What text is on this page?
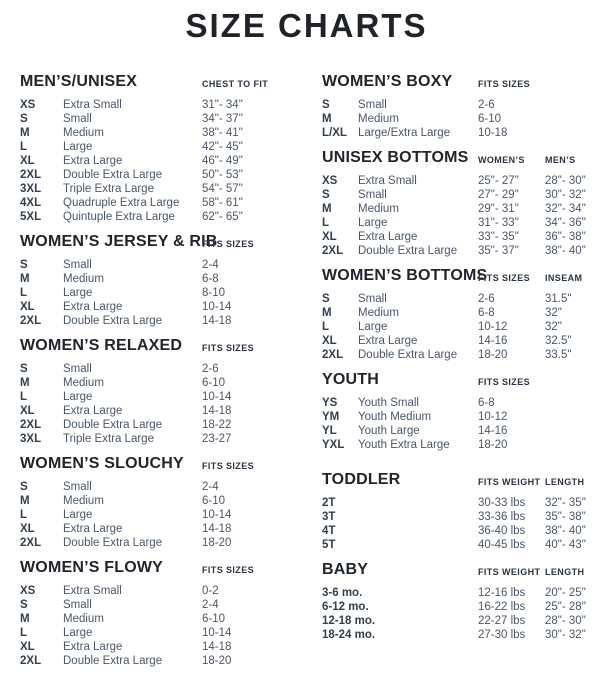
SIZE CHARTS
MEN’S/UNISEX	CHEST TO FIT
XS Extra Small	31"- 34"
S	Small	34"- 37"
M	Medium	38"- 41"
L	Large	42"- 45"
XL Extra Large	46"- 49"
2XL Double Extra Large	50"- 53"
3XL Triple Extra Large	54"- 57"
4XL Quadruple Extra Large 58"- 61"
5XL Quintuple Extra Large 62"- 65"
WOMEN’S JERSEY & RIB
FITS SIZES
S	Small	2-4
M	Medium	6-8
L	Large	8-10
XL Extra Large	10-14
2XL Double Extra Large	14-18
WOMEN’S RELAXED	FITS SIZES
S	Small	2-6
M	Medium	6-10
L	Large	10-14
XL Extra Large	14-18
2XL Double Extra Large	18-22
3XL Triple Extra Large	23-27
WOMEN’S SLOUCHY	FITS SIZES
S	Small	2-4
M	Medium	6-10
L	Large	10-14
XL Extra Large	14-18
2XL Double Extra Large	18-20
WOMEN’S FLOWY	FITS SIZES
XS Extra Small	0-2
S	Small	2-4
M	Medium	6-10
L	Large	10-14
XL Extra Large	14-18
2XL Double Extra Large	18-20
WOMEN’S BOXY	FITS SIZES
S Small	2-6
M Medium	6-10
L/XL Large/Extra Large 10-18
UNISEX BOTTOMS	WOMEN’S MEN’S
XS Extra Small	25"- 27" 28"- 30"
S Small	27"- 29" 30"- 32"
M Medium	29"- 31" 32"- 34"
L	Large	31"- 33" 34"- 36"
XL Extra Large	33"- 35" 36"- 38"
2XL Double Extra Large 35"- 37" 38"- 40"
WOMEN’S BOTTOMS
FITS SIZES INSEAM
S Small	2-6	31.5"
M Medium	6-8	32"
L	Large	10-12	32"
XL Extra Large	14-16	32.5"
2XL Double Extra Large 18-20	33.5"
YOUTH	FITS SIZES
YS Youth Small	6-8
YM Youth Medium	10-12
YL Youth Large	14-16
YXL Youth Extra Large 18-20
TODDLER	FITS WEIGHT LENGTH
2T	30-33 lbs 32"- 35"
3T	33-36 lbs 35"- 38"
4T	36-40 lbs 38"- 40"
5T	40-45 lbs 40"- 43"
BABY	FITS WEIGHT LENGTH
3-6 mo.	12-16 lbs 20"- 25"
6-12 mo.	16-22 lbs 25"- 28"
12-18 mo.	22-27 lbs 28"- 30"
18-24 mo.	27-30 lbs 30"- 32"
